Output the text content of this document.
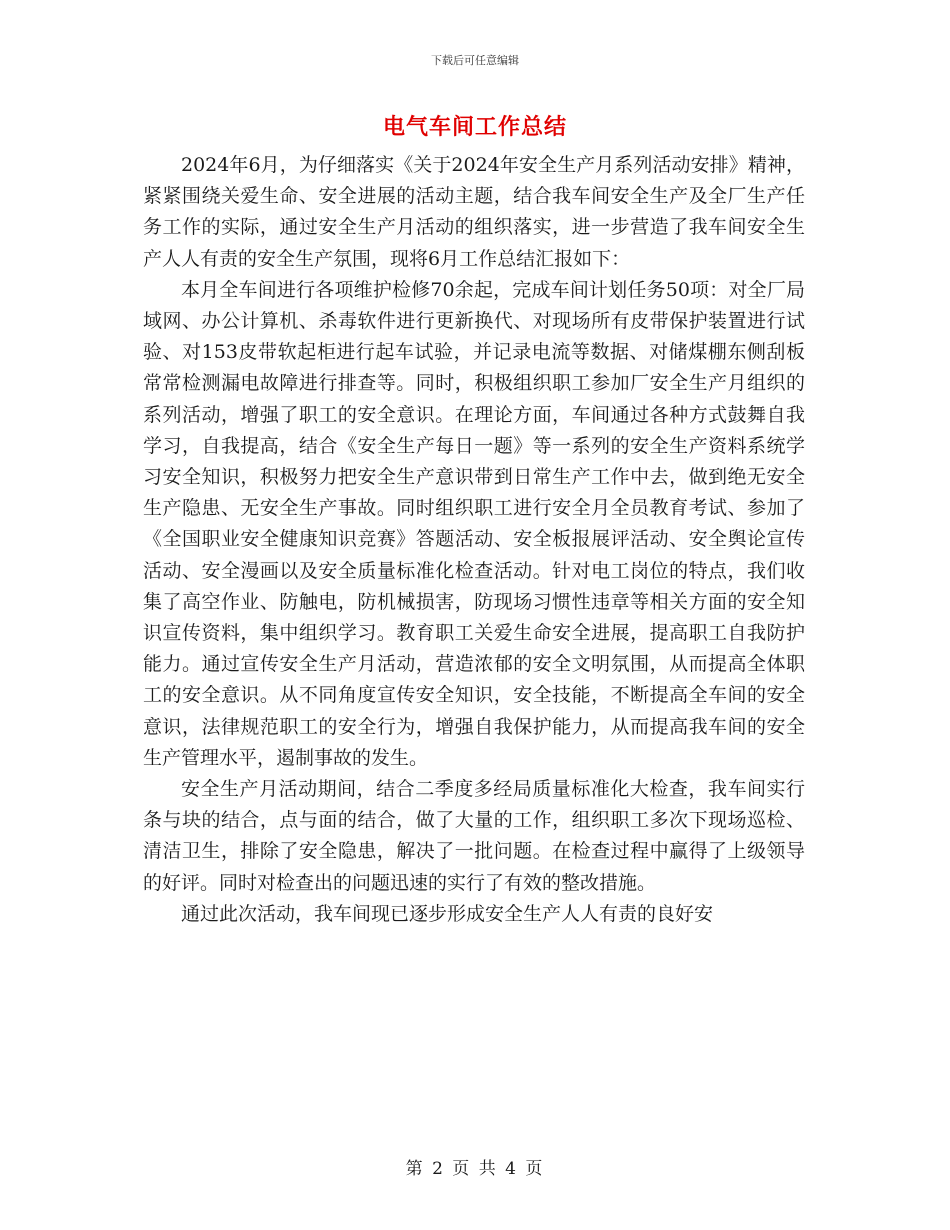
下载后可任意编辑
电气车间工作总结

2024年6月，为仔细落实《关于2024年安全生产月系列活动安排》精神，紧紧围绕关爱生命、安全进展的活动主题，结合我车间安全生产及全厂生产任务工作的实际，通过安全生产月活动的组织落实，进一步营造了我车间安全生产人人有责的安全生产氛围，现将6月工作总结汇报如下：

本月全车间进行各项维护检修70余起，完成车间计划任务50项：对全厂局域网、办公计算机、杀毒软件进行更新换代、对现场所有皮带保护装置进行试验、对153皮带软起柜进行起车试验，并记录电流等数据、对储煤棚东侧刮板常常检测漏电故障进行排查等。同时，积极组织职工参加厂安全生产月组织的系列活动，增强了职工的安全意识。在理论方面，车间通过各种方式鼓舞自我学习，自我提高，结合《安全生产每日一题》等一系列的安全生产资料系统学习安全知识，积极努力把安全生产意识带到日常生产工作中去，做到绝无安全生产隐患、无安全生产事故。同时组织职工进行安全月全员教育考试、参加了《全国职业安全健康知识竞赛》答题活动、安全板报展评活动、安全舆论宣传活动、安全漫画以及安全质量标准化检查活动。针对电工岗位的特点，我们收集了高空作业、防触电，防机械损害，防现场习惯性违章等相关方面的安全知识宣传资料，集中组织学习。教育职工关爱生命安全进展，提高职工自我防护能力。通过宣传安全生产月活动，营造浓郁的安全文明氛围，从而提高全体职工的安全意识。从不同角度宣传安全知识，安全技能，不断提高全车间的安全意识，法律规范职工的安全行为，增强自我保护能力，从而提高我车间的安全生产管理水平，遏制事故的发生。

安全生产月活动期间，结合二季度多经局质量标准化大检查，我车间实行条与块的结合，点与面的结合，做了大量的工作，组织职工多次下现场巡检、清洁卫生，排除了安全隐患，解决了一批问题。在检查过程中赢得了上级领导的好评。同时对检查出的问题迅速的实行了有效的整改措施。

通过此次活动，我车间现已逐步形成安全生产人人有责的良好安

第 2 页 共 4 页
